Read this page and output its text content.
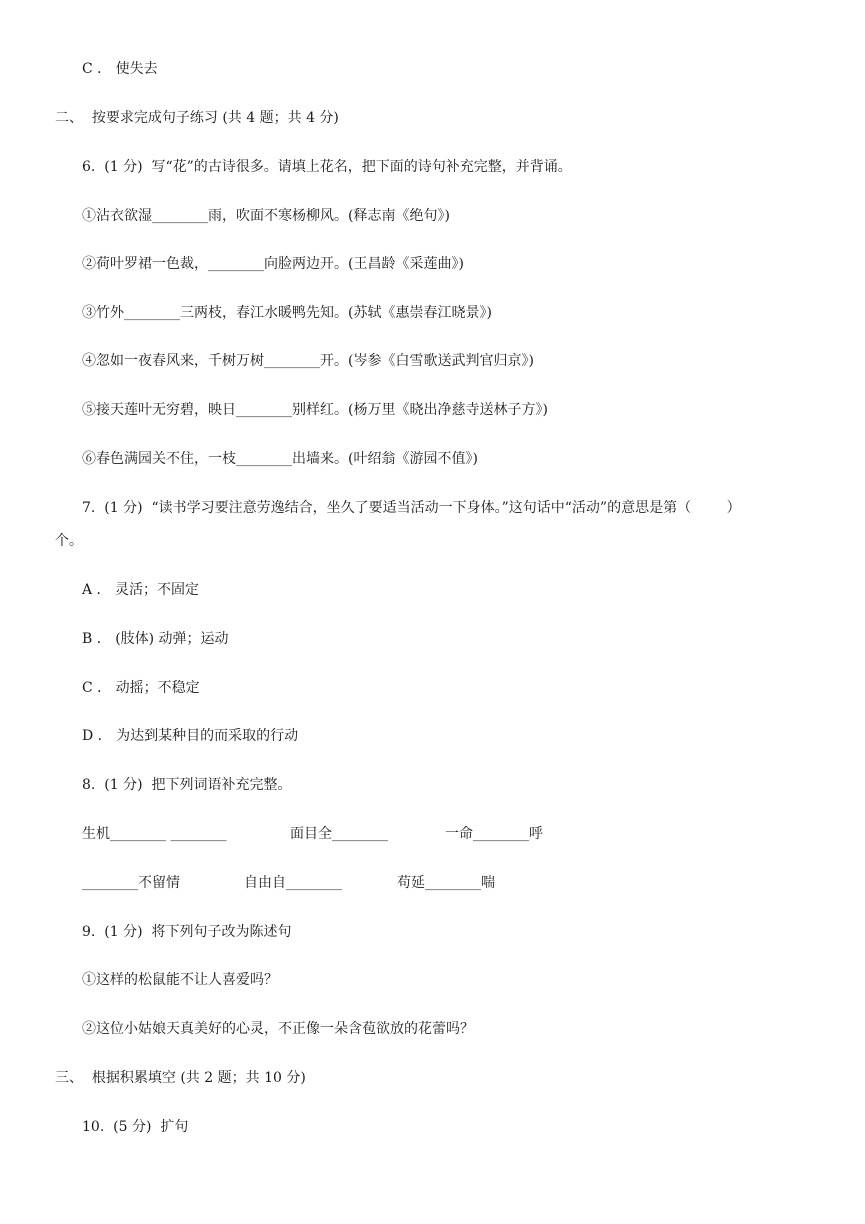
C ． 使失去
二、  按要求完成句子练习 (共 4 题；共 4 分)
6.  (1 分)  写“花”的古诗很多。请填上花名，把下面的诗句补充完整，并背诵。
①沾衣欲湿________雨，吹面不寒杨柳风。(释志南《绝句》)
②荷叶罗裙一色裁，________向脸两边开。(王昌龄《采莲曲》)
③竹外________三两枝，春江水暖鸭先知。(苏轼《惠崇春江晓景》)
④忽如一夜春风来，千树万树________开。(岑参《白雪歌送武判官归京》)
⑤接天莲叶无穷碧，映日________别样红。(杨万里《晓出净慈寺送林子方》)
⑥春色满园关不住，一枝________出墙来。(叶绍翁《游园不值》)
7.  (1 分)  “读书学习要注意劳逸结合，坐久了要适当活动一下身体。”这句话中“活动”的意思是第（        ）
个。
A ． 灵活；不固定
B ． (肢体) 动弹；运动
C ． 动摇；不稳定
D ． 为达到某种目的而采取的行动
8.  (1 分)  把下列词语补充完整。

生机________ ________

	面目全________

	一命________呼

________不留情

	自由自________

	苟延________喘

9.  (1 分)  将下列句子改为陈述句
①这样的松鼠能不让人喜爱吗？
②这位小姑娘天真美好的心灵，不正像一朵含苞欲放的花蕾吗？
三、  根据积累填空 (共 2 题；共 10 分)
10.  (5 分)  扩句
